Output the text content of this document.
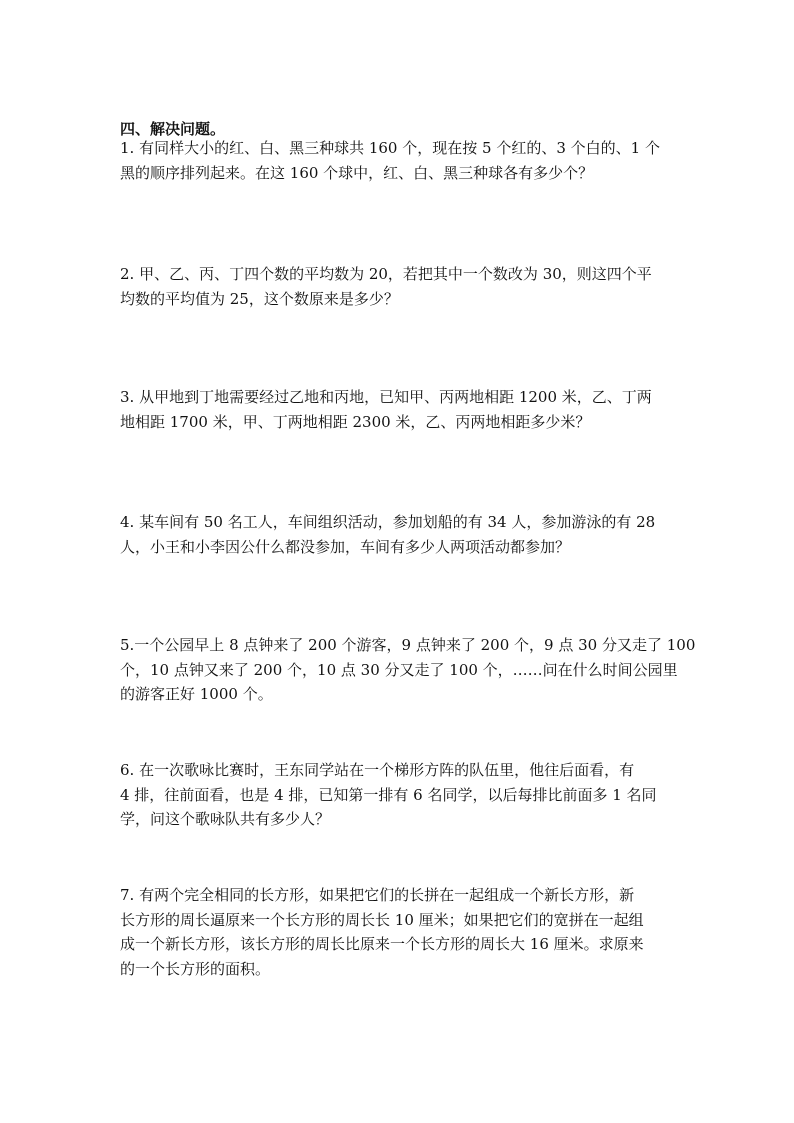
四、解决问题。
1. 有同样大小的红、白、黑三种球共 160 个，现在按 5 个红的、3 个白的、1 个
黑的顺序排列起来。在这 160 个球中，红、白、黑三种球各有多少个？
2. 甲、乙、丙、丁四个数的平均数为 20，若把其中一个数改为 30，则这四个平
均数的平均值为 25，这个数原来是多少？
3. 从甲地到丁地需要经过乙地和丙地，已知甲、丙两地相距 1200 米，乙、丁两
地相距 1700 米，甲、丁两地相距 2300 米，乙、丙两地相距多少米？
4. 某车间有 50 名工人，车间组织活动，参加划船的有 34 人，参加游泳的有 28
人，小王和小李因公什么都没参加，车间有多少人两项活动都参加？
5.一个公园早上 8 点钟来了 200 个游客，9 点钟来了 200 个，9 点 30 分又走了 100
个，10 点钟又来了 200 个，10 点 30 分又走了 100 个，……问在什么时间公园里
的游客正好 1000 个。
6. 在一次歌咏比赛时，王东同学站在一个梯形方阵的队伍里，他往后面看，有
4 排，往前面看，也是 4 排，已知第一排有 6 名同学，以后每排比前面多 1 名同
学，问这个歌咏队共有多少人？
7. 有两个完全相同的长方形，如果把它们的长拼在一起组成一个新长方形，新
长方形的周长逼原来一个长方形的周长长 10 厘米；如果把它们的宽拼在一起组
成一个新长方形，该长方形的周长比原来一个长方形的周长大 16 厘米。求原来
的一个长方形的面积。
